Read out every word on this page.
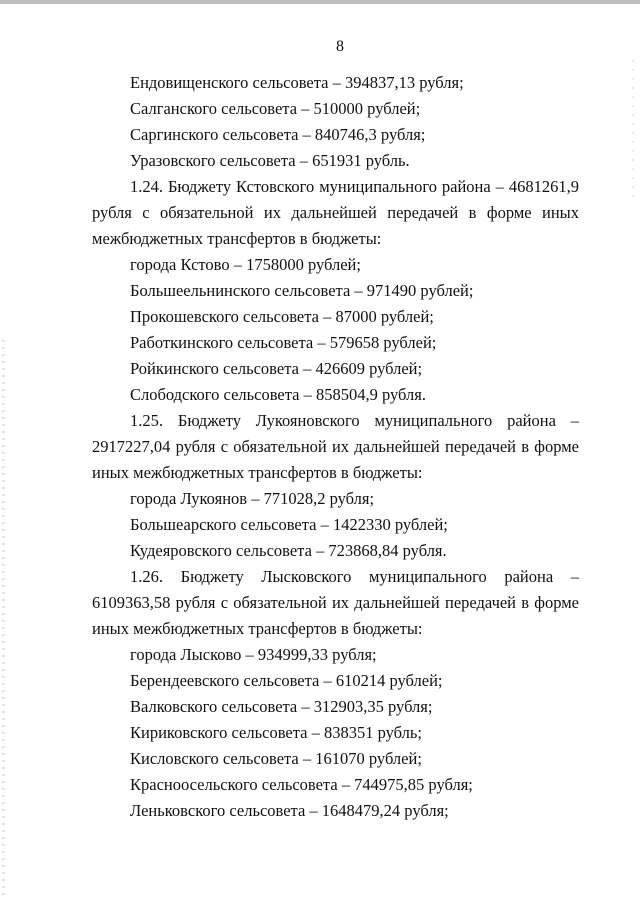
8

Ендовищенского сельсовета – 394837,13 рубля;

Салганского сельсовета – 510000 рублей;

Саргинского сельсовета – 840746,3 рубля;

Уразовского сельсовета – 651931 рубль.

1.24. Бюджету Кстовского муниципального района – 4681261,9 рубля с обязательной их дальнейшей передачей в форме иных межбюджетных трансфертов в бюджеты:

города Кстово – 1758000 рублей;

Большеельнинского сельсовета – 971490 рублей;

Прокошевского сельсовета – 87000 рублей;

Работкинского сельсовета – 579658 рублей;

Ройкинского сельсовета – 426609 рублей;

Слободского сельсовета – 858504,9 рубля.

1.25. Бюджету Лукояновского муниципального района – 2917227,04 рубля с обязательной их дальнейшей передачей в форме иных межбюджетных трансфертов в бюджеты:

города Лукоянов – 771028,2 рубля;

Большеарского сельсовета – 1422330 рублей;

Кудеяровского сельсовета – 723868,84 рубля.

1.26. Бюджету Лысковского муниципального района – 6109363,58 рубля с обязательной их дальнейшей передачей в форме иных межбюджетных трансфертов в бюджеты:

города Лысково – 934999,33 рубля;

Берендеевского сельсовета – 610214 рублей;

Валковского сельсовета – 312903,35 рубля;

Кириковского сельсовета – 838351 рубль;

Кисловского сельсовета – 161070 рублей;

Красноосельского сельсовета – 744975,85 рубля;

Леньковского сельсовета – 1648479,24 рубля;
